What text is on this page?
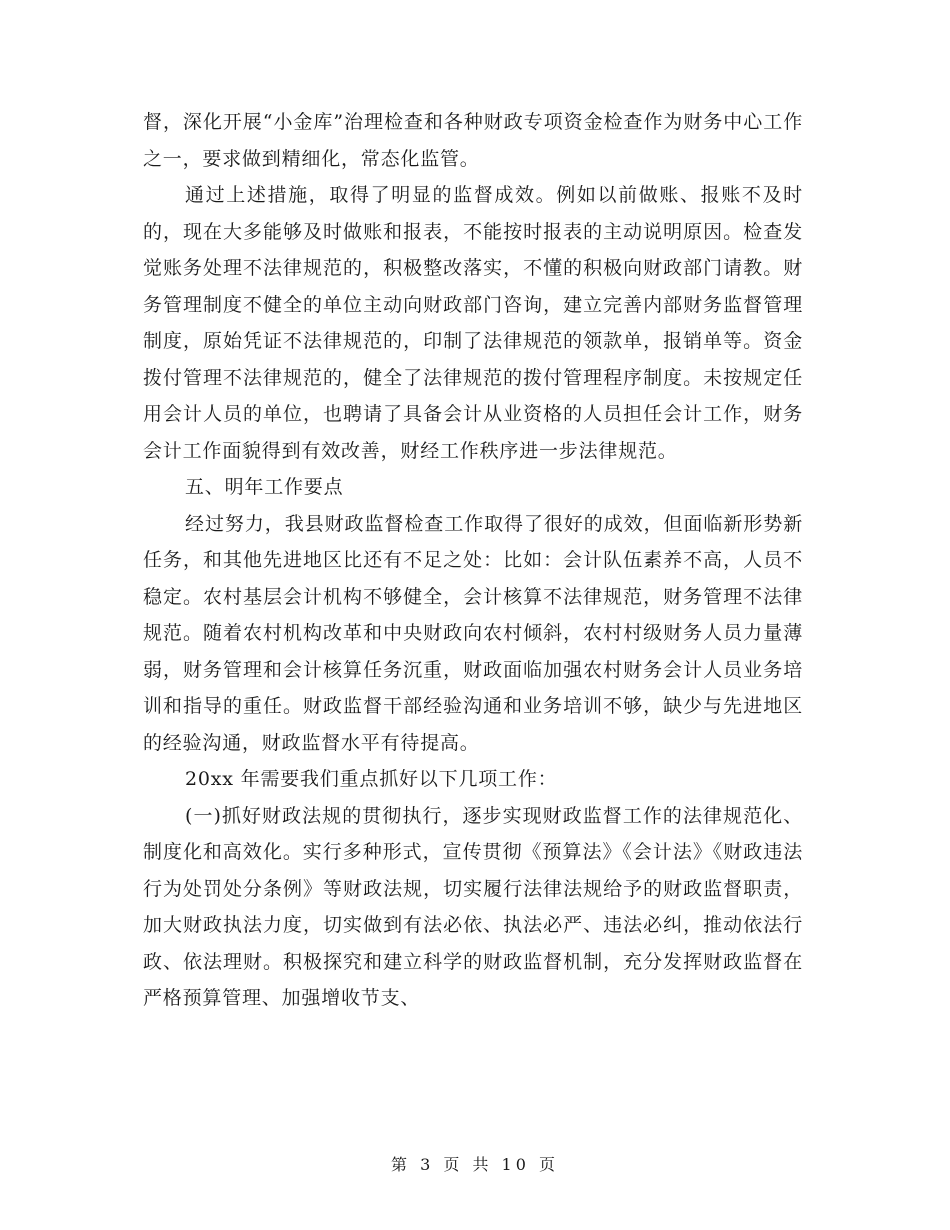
督，深化开展“小金库”治理检查和各种财政专项资金检查作为财务中心工作之一，要求做到精细化，常态化监管。

通过上述措施，取得了明显的监督成效。例如以前做账、报账不及时的，现在大多能够及时做账和报表，不能按时报表的主动说明原因。检查发觉账务处理不法律规范的，积极整改落实，不懂的积极向财政部门请教。财务管理制度不健全的单位主动向财政部门咨询，建立完善内部财务监督管理制度，原始凭证不法律规范的，印制了法律规范的领款单，报销单等。资金拨付管理不法律规范的，健全了法律规范的拨付管理程序制度。未按规定任用会计人员的单位，也聘请了具备会计从业资格的人员担任会计工作，财务会计工作面貌得到有效改善，财经工作秩序进一步法律规范。

五、明年工作要点

经过努力，我县财政监督检查工作取得了很好的成效，但面临新形势新任务，和其他先进地区比还有不足之处：比如：会计队伍素养不高，人员不稳定。农村基层会计机构不够健全，会计核算不法律规范，财务管理不法律规范。随着农村机构改革和中央财政向农村倾斜，农村村级财务人员力量薄弱，财务管理和会计核算任务沉重，财政面临加强农村财务会计人员业务培训和指导的重任。财政监督干部经验沟通和业务培训不够，缺少与先进地区的经验沟通，财政监督水平有待提高。

20xx 年需要我们重点抓好以下几项工作：

(一)抓好财政法规的贯彻执行，逐步实现财政监督工作的法律规范化、制度化和高效化。实行多种形式，宣传贯彻《预算法》《会计法》《财政违法行为处罚处分条例》等财政法规，切实履行法律法规给予的财政监督职责，加大财政执法力度，切实做到有法必依、执法必严、违法必纠，推动依法行政、依法理财。积极探究和建立科学的财政监督机制，充分发挥财政监督在严格预算管理、加强增收节支、

第 3 页 共 10 页
